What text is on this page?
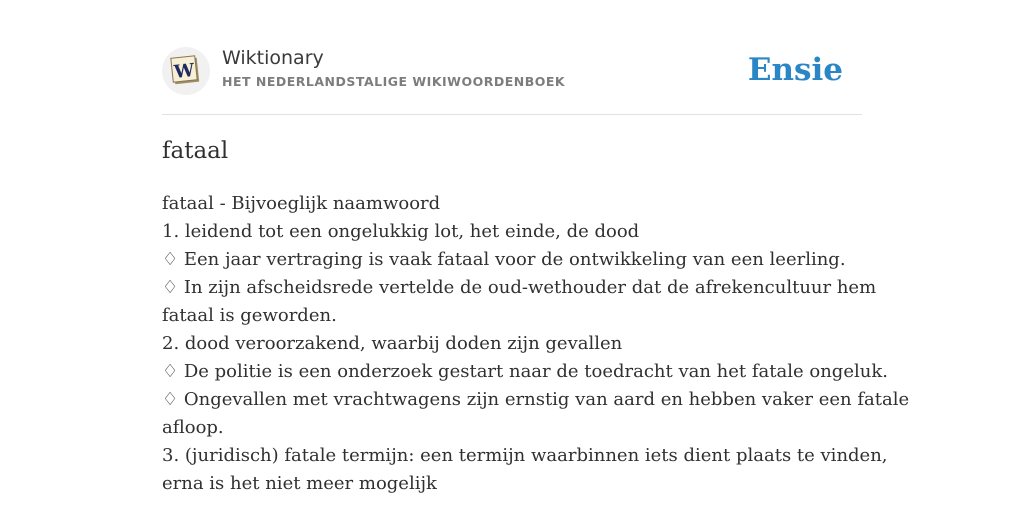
W
Wiktionary
HET NEDERLANDSTALIGE WIKIWOORDENBOEK	Ensie
fataal
fataal - Bijvoeglijk naamwoord
1. leidend tot een ongelukkig lot, het einde, de dood
♢ Een jaar vertraging is vaak fataal voor de ontwikkeling van een leerling.
♢ In zijn afscheidsrede vertelde de oud-wethouder dat de afrekencultuur hem
fataal is geworden.
2. dood veroorzakend, waarbij doden zijn gevallen
♢ De politie is een onderzoek gestart naar de toedracht van het fatale ongeluk.
♢ Ongevallen met vrachtwagens zijn ernstig van aard en hebben vaker een fatale
afloop.
3. (juridisch) fatale termijn: een termijn waarbinnen iets dient plaats te vinden,
erna is het niet meer mogelijk
